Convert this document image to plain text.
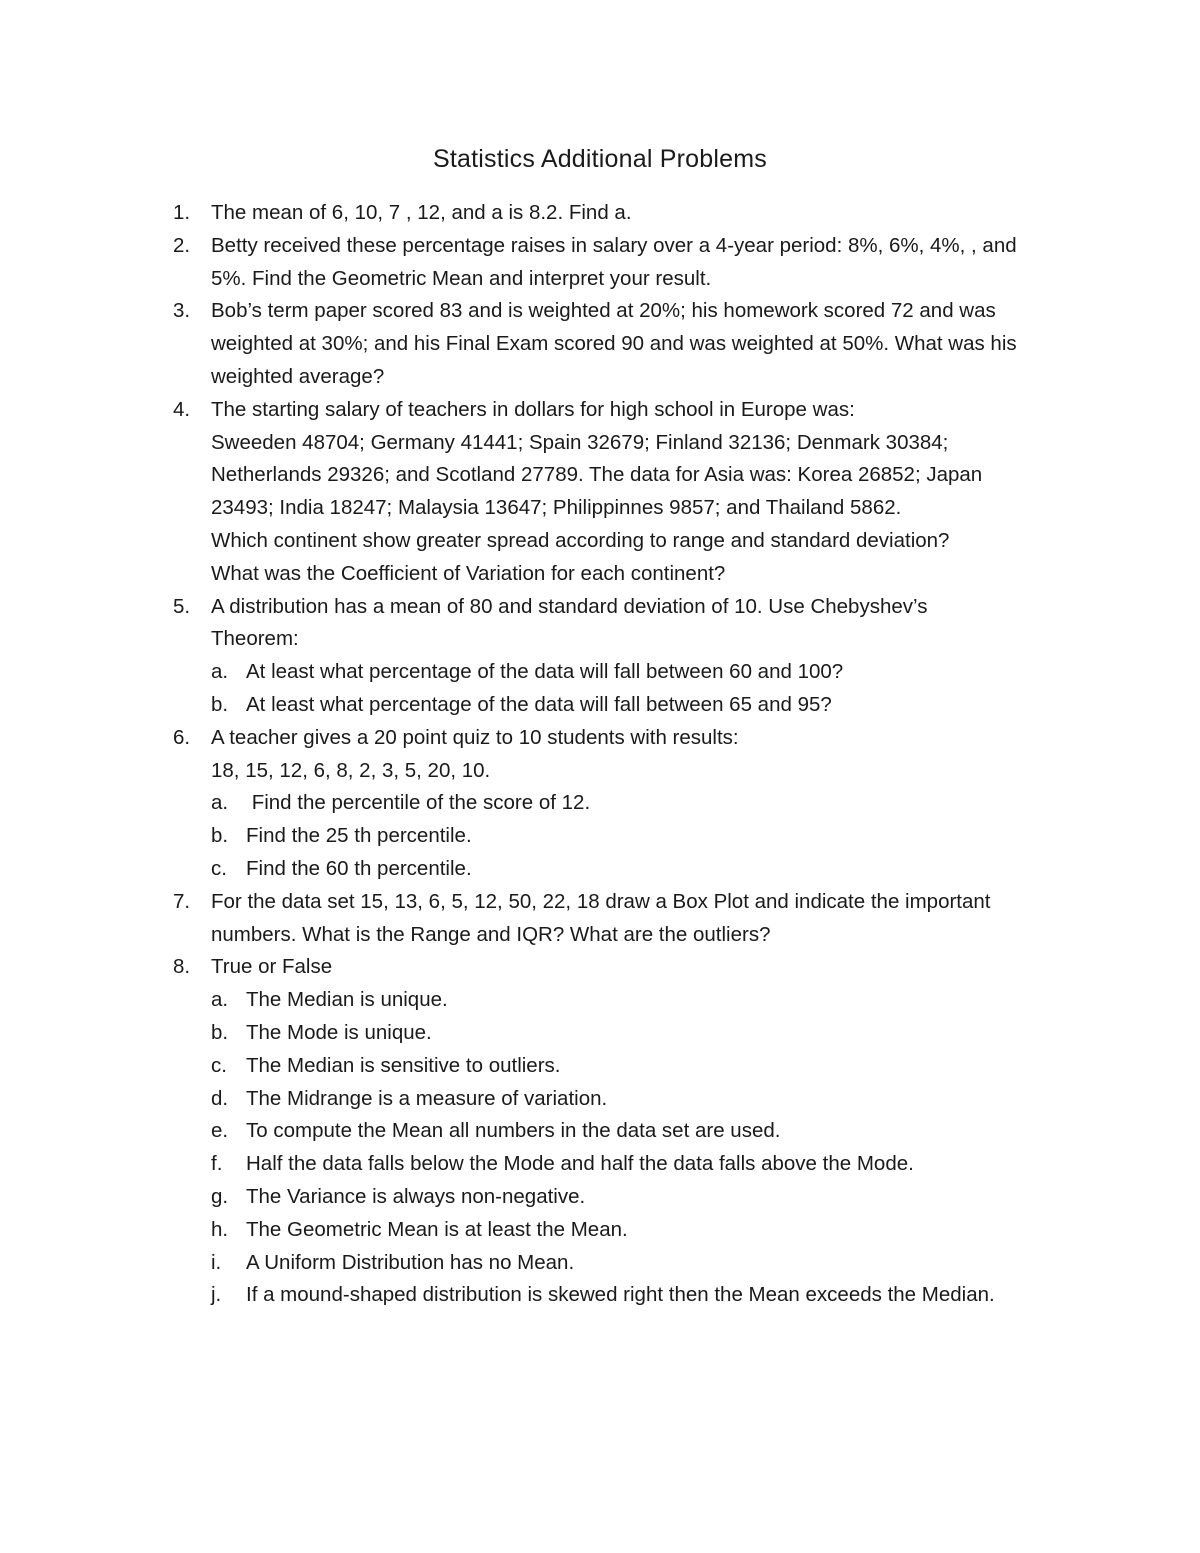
Statistics Additional Problems
1. The mean of 6, 10, 7 , 12, and a is 8.2. Find a.
2. Betty received these percentage raises in salary over a 4-year period: 8%, 6%, 4%, , and
5%. Find the Geometric Mean and interpret your result.
3. Bob’s term paper scored 83 and is weighted at 20%; his homework scored 72 and was
weighted at 30%; and his Final Exam scored 90 and was weighted at 50%. What was his
weighted average?
4. The starting salary of teachers in dollars for high school in Europe was:
Sweeden 48704; Germany 41441; Spain 32679; Finland 32136; Denmark 30384;
Netherlands 29326; and Scotland 27789. The data for Asia was: Korea 26852; Japan
23493; India 18247; Malaysia 13647; Philippinnes 9857; and Thailand 5862.
Which continent show greater spread according to range and standard deviation?
What was the Coefficient of Variation for each continent?
5. A distribution has a mean of 80 and standard deviation of 10. Use Chebyshev’s
Theorem:
a. At least what percentage of the data will fall between 60 and 100?
b. At least what percentage of the data will fall between 65 and 95?
6. A teacher gives a 20 point quiz to 10 students with results:
18, 15, 12, 6, 8, 2, 3, 5, 20, 10.
a. Find the percentile of the score of 12.
b. Find the 25 th percentile.
c. Find the 60 th percentile.
7. For the data set 15, 13, 6, 5, 12, 50, 22, 18 draw a Box Plot and indicate the important
numbers. What is the Range and IQR? What are the outliers?
8. True or False
a. The Median is unique.
b. The Mode is unique.
c. The Median is sensitive to outliers.
d. The Midrange is a measure of variation.
e. To compute the Mean all numbers in the data set are used.
f. Half the data falls below the Mode and half the data falls above the Mode.
g. The Variance is always non-negative.
h. The Geometric Mean is at least the Mean.
i. A Uniform Distribution has no Mean.
j. If a mound-shaped distribution is skewed right then the Mean exceeds the Median.
